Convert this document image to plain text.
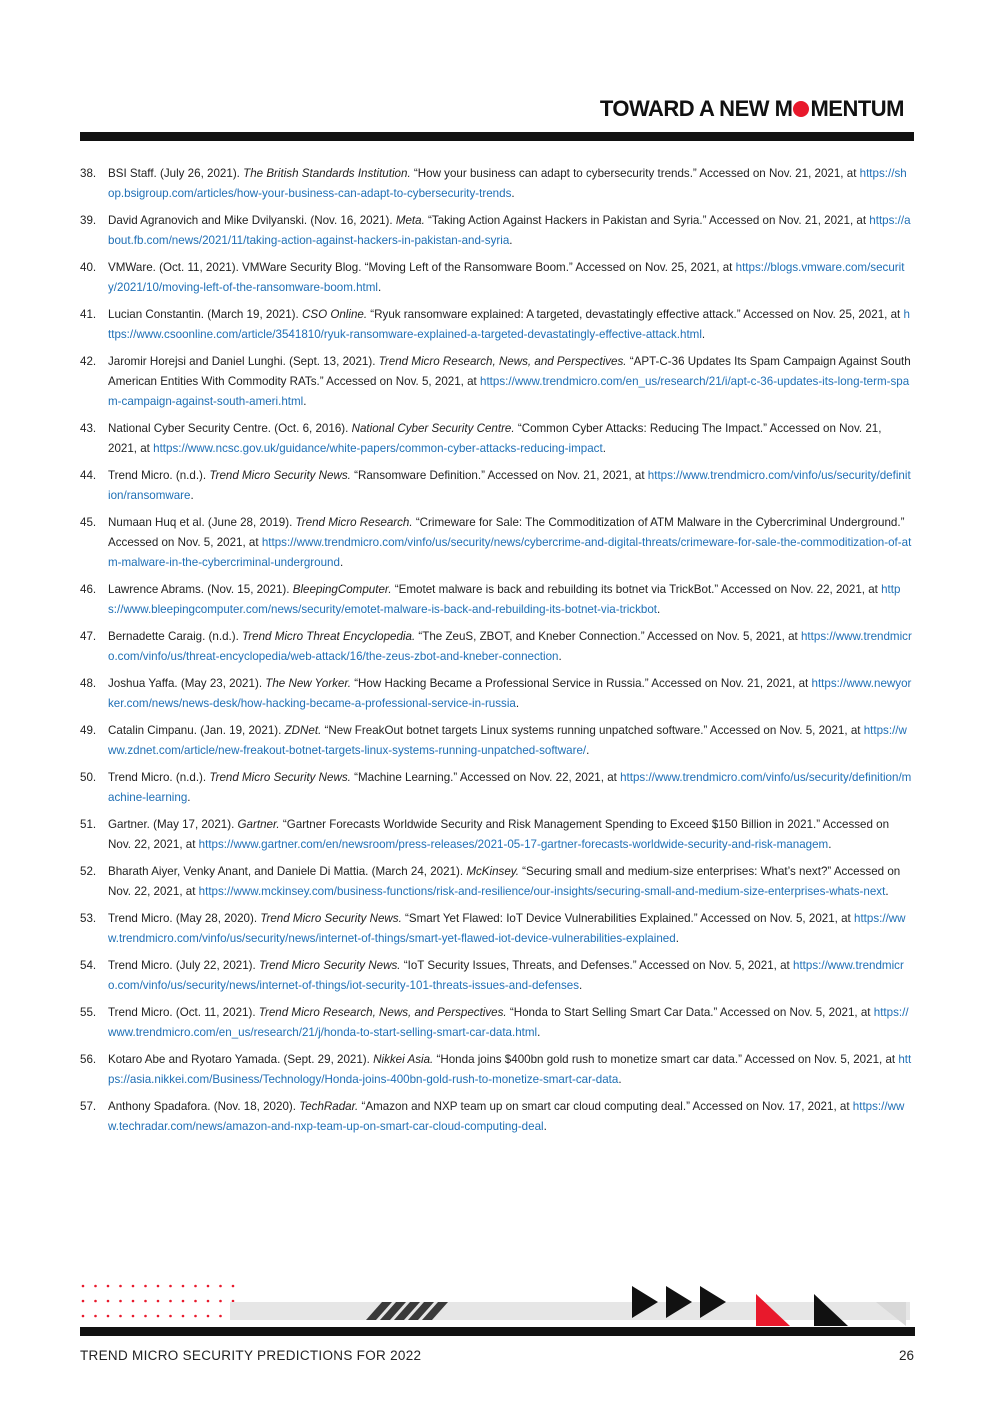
TOWARD A NEW M MENTUM
38. BSI Staff. (July 26, 2021). The British Standards Institution. “How your business can adapt to cybersecurity trends.” Accessed on Nov. 21, 2021, at https://shop.bsigroup.com/articles/how-your-business-can-adapt-to-cybersecurity-trends.
39. David Agranovich and Mike Dvilyanski. (Nov. 16, 2021). Meta. “Taking Action Against Hackers in Pakistan and Syria.” Accessed on Nov. 21, 2021, at https://about.fb.com/news/2021/11/taking-action-against-hackers-in-pakistan-and-syria.
40. VMWare. (Oct. 11, 2021). VMWare Security Blog. “Moving Left of the Ransomware Boom.” Accessed on Nov. 25, 2021, at https://blogs.vmware.com/security/2021/10/moving-left-of-the-ransomware-boom.html.
41. Lucian Constantin. (March 19, 2021). CSO Online. “Ryuk ransomware explained: A targeted, devastatingly effective attack.” Accessed on Nov. 25, 2021, at https://www.csoonline.com/article/3541810/ryuk-ransomware-explained-a-targeted-devastatingly-effective-attack.html.
42. Jaromir Horejsi and Daniel Lunghi. (Sept. 13, 2021). Trend Micro Research, News, and Perspectives. “APT-C-36 Updates Its Spam Campaign Against South American Entities With Commodity RATs.” Accessed on Nov. 5, 2021, at https://www.trendmicro.com/en_us/research/21/i/apt-c-36-updates-its-long-term-spam-campaign-against-south-ameri.html.
43. National Cyber Security Centre. (Oct. 6, 2016). National Cyber Security Centre. “Common Cyber Attacks: Reducing The Impact.” Accessed on Nov. 21, 2021, at https://www.ncsc.gov.uk/guidance/white-papers/common-cyber-attacks-reducing-impact.
44. Trend Micro. (n.d.). Trend Micro Security News. “Ransomware Definition.” Accessed on Nov. 21, 2021, at https://www.trendmicro.com/vinfo/us/security/definition/ransomware.
45. Numaan Huq et al. (June 28, 2019). Trend Micro Research. “Crimeware for Sale: The Commoditization of ATM Malware in the Cybercriminal Underground.” Accessed on Nov. 5, 2021, at https://www.trendmicro.com/vinfo/us/security/news/cybercrime-and-digital-threats/crimeware-for-sale-the-commoditization-of-atm-malware-in-the-cybercriminal-underground.
46. Lawrence Abrams. (Nov. 15, 2021). BleepingComputer. “Emotet malware is back and rebuilding its botnet via TrickBot.” Accessed on Nov. 22, 2021, at https://www.bleepingcomputer.com/news/security/emotet-malware-is-back-and-rebuilding-its-botnet-via-trickbot.
47. Bernadette Caraig. (n.d.). Trend Micro Threat Encyclopedia. “The ZeuS, ZBOT, and Kneber Connection.” Accessed on Nov. 5, 2021, at https://www.trendmicro.com/vinfo/us/threat-encyclopedia/web-attack/16/the-zeus-zbot-and-kneber-connection.
48. Joshua Yaffa. (May 23, 2021). The New Yorker. “How Hacking Became a Professional Service in Russia.” Accessed on Nov. 21, 2021, at https://www.newyorker.com/news/news-desk/how-hacking-became-a-professional-service-in-russia.
49. Catalin Cimpanu. (Jan. 19, 2021). ZDNet. “New FreakOut botnet targets Linux systems running unpatched software.” Accessed on Nov. 5, 2021, at https://www.zdnet.com/article/new-freakout-botnet-targets-linux-systems-running-unpatched-software/.
50. Trend Micro. (n.d.). Trend Micro Security News. “Machine Learning.” Accessed on Nov. 22, 2021, at https://www.trendmicro.com/vinfo/us/security/definition/machine-learning.
51. Gartner. (May 17, 2021). Gartner. “Gartner Forecasts Worldwide Security and Risk Management Spending to Exceed $150 Billion in 2021.” Accessed on Nov. 22, 2021, at https://www.gartner.com/en/newsroom/press-releases/2021-05-17-gartner-forecasts-worldwide-security-and-risk-managem.
52. Bharath Aiyer, Venky Anant, and Daniele Di Mattia. (March 24, 2021). McKinsey. “Securing small and medium-size enterprises: What’s next?” Accessed on Nov. 22, 2021, at https://www.mckinsey.com/business-functions/risk-and-resilience/our-insights/securing-small-and-medium-size-enterprises-whats-next.
53. Trend Micro. (May 28, 2020). Trend Micro Security News. “Smart Yet Flawed: IoT Device Vulnerabilities Explained.” Accessed on Nov. 5, 2021, at https://www.trendmicro.com/vinfo/us/security/news/internet-of-things/smart-yet-flawed-iot-device-vulnerabilities-explained.
54. Trend Micro. (July 22, 2021). Trend Micro Security News. “IoT Security Issues, Threats, and Defenses.” Accessed on Nov. 5, 2021, at https://www.trendmicro.com/vinfo/us/security/news/internet-of-things/iot-security-101-threats-issues-and-defenses.
55. Trend Micro. (Oct. 11, 2021). Trend Micro Research, News, and Perspectives. “Honda to Start Selling Smart Car Data.” Accessed on Nov. 5, 2021, at https://www.trendmicro.com/en_us/research/21/j/honda-to-start-selling-smart-car-data.html.
56. Kotaro Abe and Ryotaro Yamada. (Sept. 29, 2021). Nikkei Asia. “Honda joins $400bn gold rush to monetize smart car data.” Accessed on Nov. 5, 2021, at https://asia.nikkei.com/Business/Technology/Honda-joins-400bn-gold-rush-to-monetize-smart-car-data.
57. Anthony Spadafora. (Nov. 18, 2020). TechRadar. “Amazon and NXP team up on smart car cloud computing deal.” Accessed on Nov. 17, 2021, at https://www.techradar.com/news/amazon-and-nxp-team-up-on-smart-car-cloud-computing-deal.
TREND MICRO SECURITY PREDICTIONS FOR 2022	26
